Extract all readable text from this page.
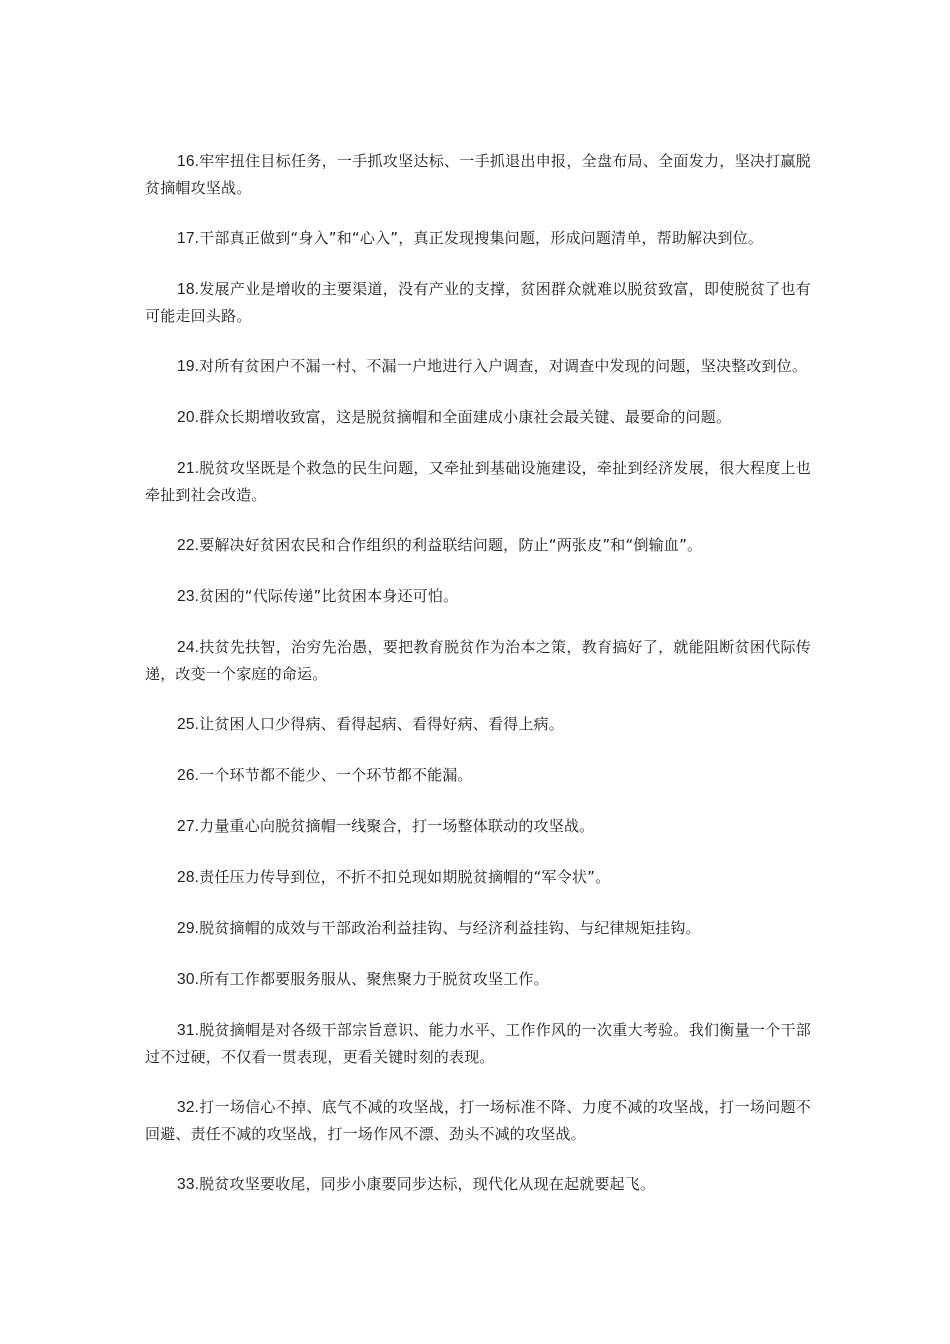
16.牢牢扭住目标任务，一手抓攻坚达标、一手抓退出申报，全盘布局、全面发力，坚决打赢脱贫摘帽攻坚战。

17.干部真正做到“身入”和“心入”，真正发现搜集问题，形成问题清单，帮助解决到位。

18.发展产业是增收的主要渠道，没有产业的支撑，贫困群众就难以脱贫致富，即使脱贫了也有可能走回头路。

19.对所有贫困户不漏一村、不漏一户地进行入户调查，对调查中发现的问题，坚决整改到位。

20.群众长期增收致富，这是脱贫摘帽和全面建成小康社会最关键、最要命的问题。

21.脱贫攻坚既是个救急的民生问题，又牵扯到基础设施建设，牵扯到经济发展，很大程度上也牵扯到社会改造。

22.要解决好贫困农民和合作组织的利益联结问题，防止“两张皮”和“倒输血”。

23.贫困的“代际传递”比贫困本身还可怕。

24.扶贫先扶智，治穷先治愚，要把教育脱贫作为治本之策，教育搞好了，就能阻断贫困代际传递，改变一个家庭的命运。

25.让贫困人口少得病、看得起病、看得好病、看得上病。

26.一个环节都不能少、一个环节都不能漏。

27.力量重心向脱贫摘帽一线聚合，打一场整体联动的攻坚战。

28.责任压力传导到位，不折不扣兑现如期脱贫摘帽的“军令状”。

29.脱贫摘帽的成效与干部政治利益挂钩、与经济利益挂钩、与纪律规矩挂钩。

30.所有工作都要服务服从、聚焦聚力于脱贫攻坚工作。

31.脱贫摘帽是对各级干部宗旨意识、能力水平、工作作风的一次重大考验。我们衡量一个干部过不过硬，不仅看一贯表现，更看关键时刻的表现。

32.打一场信心不掉、底气不减的攻坚战，打一场标准不降、力度不减的攻坚战，打一场问题不回避、责任不减的攻坚战，打一场作风不漂、劲头不减的攻坚战。

33.脱贫攻坚要收尾，同步小康要同步达标，现代化从现在起就要起飞。
